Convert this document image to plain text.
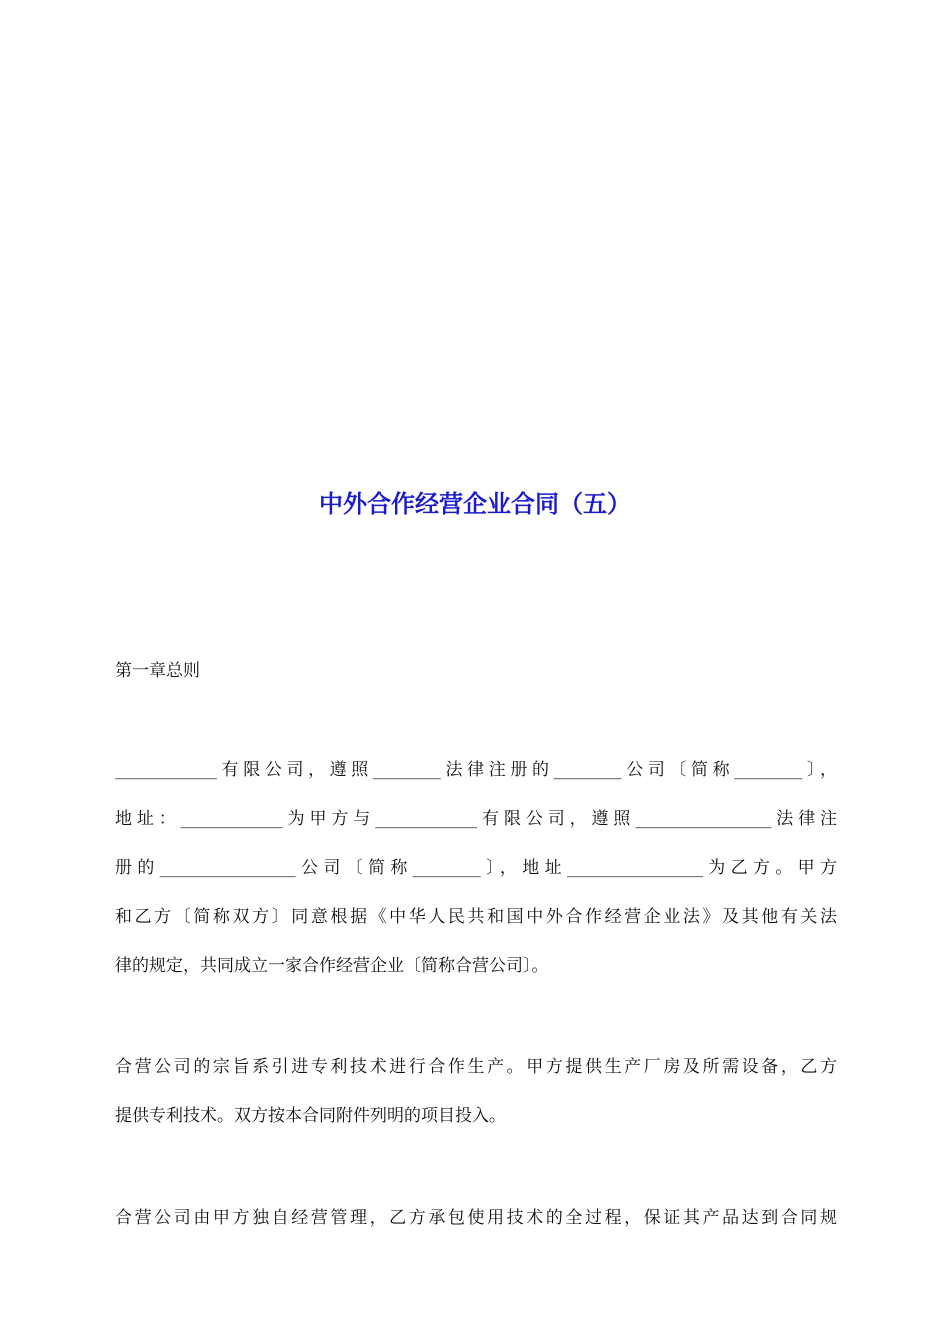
中外合作经营企业合同（五）

第一章总则

____________有限公司，遵照________法律注册的________公司〔简称________〕，
地址：____________为甲方与____________有限公司，遵照________________法律注
册的________________公司〔简称________〕，地址________________为乙方。甲方
和乙方〔简称双方〕同意根据《中华人民共和国中外合作经营企业法》及其他有关法
律的规定，共同成立一家合作经营企业〔简称合营公司〕。

合营公司的宗旨系引进专利技术进行合作生产。甲方提供生产厂房及所需设备，乙方
提供专利技术。双方按本合同附件列明的项目投入。

合营公司由甲方独自经营管理，乙方承包使用技术的全过程，保证其产品达到合同规
